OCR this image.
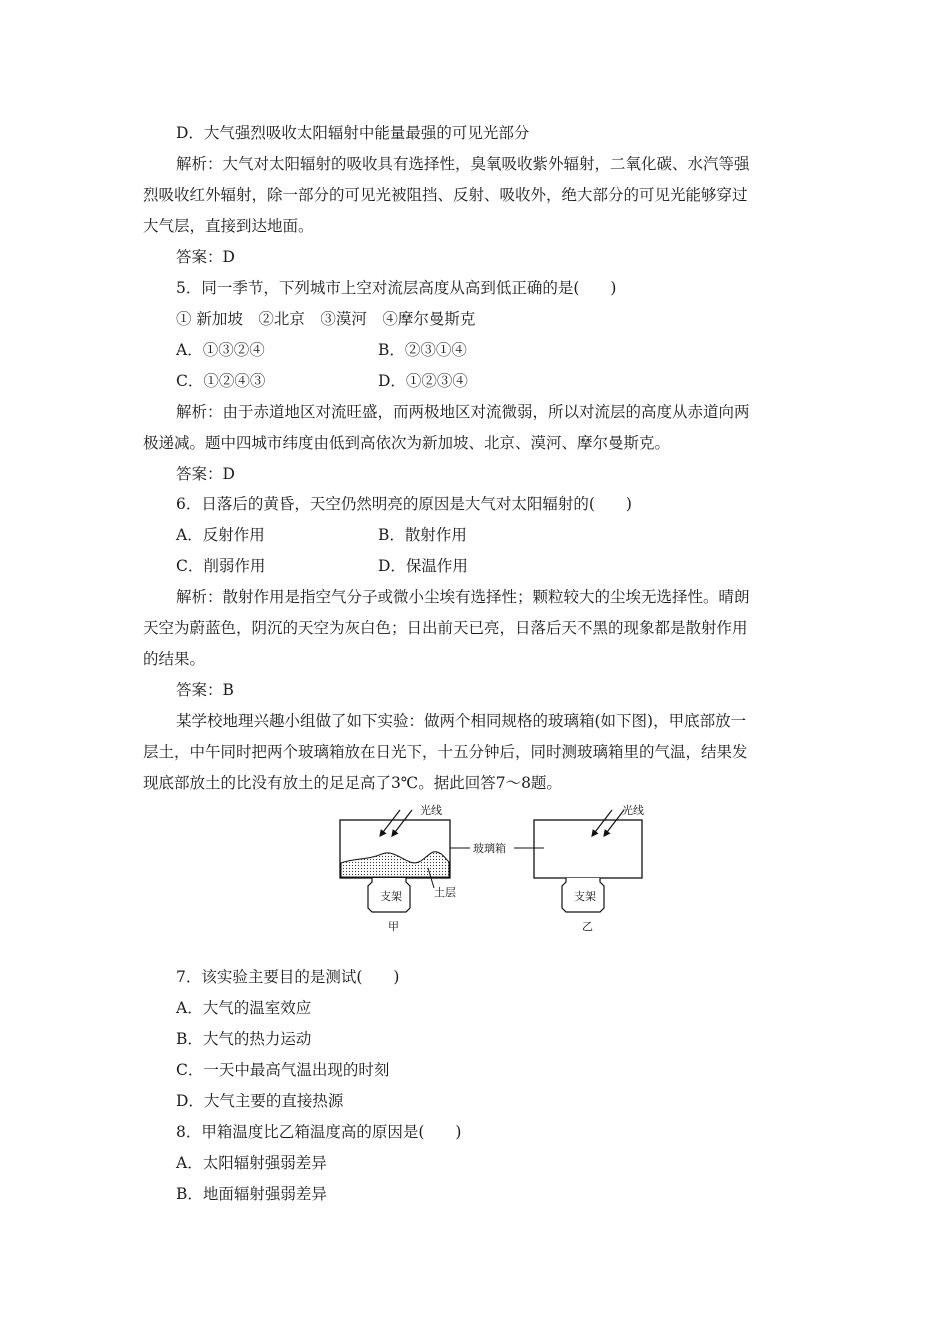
D．大气强烈吸收太阳辐射中能量最强的可见光部分
解析：大气对太阳辐射的吸收具有选择性，臭氧吸收紫外辐射，二氧化碳、水汽等强
烈吸收红外辐射，除一部分的可见光被阻挡、反射、吸收外，绝大部分的可见光能够穿过
大气层，直接到达地面。
答案：D
5．同一季节，下列城市上空对流层高度从高到低正确的是(　　)
① 新加坡　②北京　③漠河　④摩尔曼斯克
A．①③②④	B．②③①④
C．①②④③	D．①②③④
解析：由于赤道地区对流旺盛，而两极地区对流微弱，所以对流层的高度从赤道向两
极递减。题中四城市纬度由低到高依次为新加坡、北京、漠河、摩尔曼斯克。
答案：D
6．日落后的黄昏，天空仍然明亮的原因是大气对太阳辐射的(　　)
A．反射作用	B．散射作用
C．削弱作用	D．保温作用
解析：散射作用是指空气分子或微小尘埃有选择性；颗粒较大的尘埃无选择性。晴朗
天空为蔚蓝色，阴沉的天空为灰白色；日出前天已亮，日落后天不黑的现象都是散射作用
的结果。
答案：B
某学校地理兴趣小组做了如下实验：做两个相同规格的玻璃箱(如下图)，甲底部放一
层土，中午同时把两个玻璃箱放在日光下，十五分钟后，同时测玻璃箱里的气温，结果发
现底部放土的比没有放土的足足高了3℃。据此回答7～8题。
光线
支架	土层
甲
光线
支架
乙
玻璃箱
7．该实验主要目的是测试(　　)
A．大气的温室效应
B．大气的热力运动
C．一天中最高气温出现的时刻
D．大气主要的直接热源
8．甲箱温度比乙箱温度高的原因是(　　)
A．太阳辐射强弱差异
B．地面辐射强弱差异
